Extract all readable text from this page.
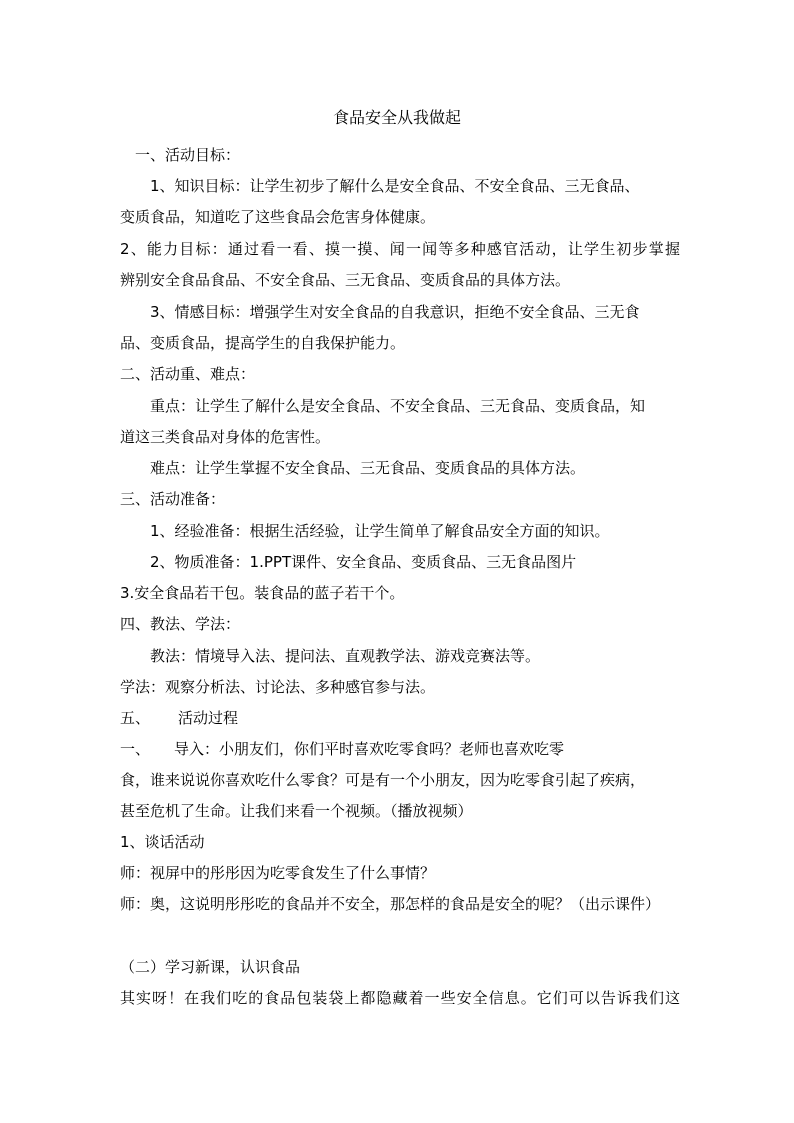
食品安全从我做起
一、活动目标：
1、知识目标：让学生初步了解什么是安全食品、不安全食品、三无食品、
变质食品，知道吃了这些食品会危害身体健康。
2、能力目标：通过看一看、摸一摸、闻一闻等多种感官活动，让学生初步掌握
辨别安全食品食品、不安全食品、三无食品、变质食品的具体方法。
3、情感目标：增强学生对安全食品的自我意识，拒绝不安全食品、三无食
品、变质食品，提高学生的自我保护能力。
二、活动重、难点：
重点：让学生了解什么是安全食品、不安全食品、三无食品、变质食品，知
道这三类食品对身体的危害性。
难点：让学生掌握不安全食品、三无食品、变质食品的具体方法。
三、活动准备：
1、经验准备：根据生活经验，让学生简单了解食品安全方面的知识。
2、物质准备：1.PPT课件、安全食品、变质食品、三无食品图片
3.安全食品若干包。装食品的蓝子若干个。
四、教法、学法：
教法：情境导入法、提问法、直观教学法、游戏竞赛法等。
学法：观察分析法、讨论法、多种感官参与法。
五、 活动过程
一、 导入：小朋友们，你们平时喜欢吃零食吗？老师也喜欢吃零
食，谁来说说你喜欢吃什么零食？可是有一个小朋友，因为吃零食引起了疾病，
甚至危机了生命。让我们来看一个视频。（播放视频）
1、谈话活动
师：视屏中的彤彤因为吃零食发生了什么事情？
师：奥，这说明彤彤吃的食品并不安全，那怎样的食品是安全的呢？（出示课件）
（二）学习新课，认识食品
其实呀！在我们吃的食品包装袋上都隐藏着一些安全信息。它们可以告诉我们这
